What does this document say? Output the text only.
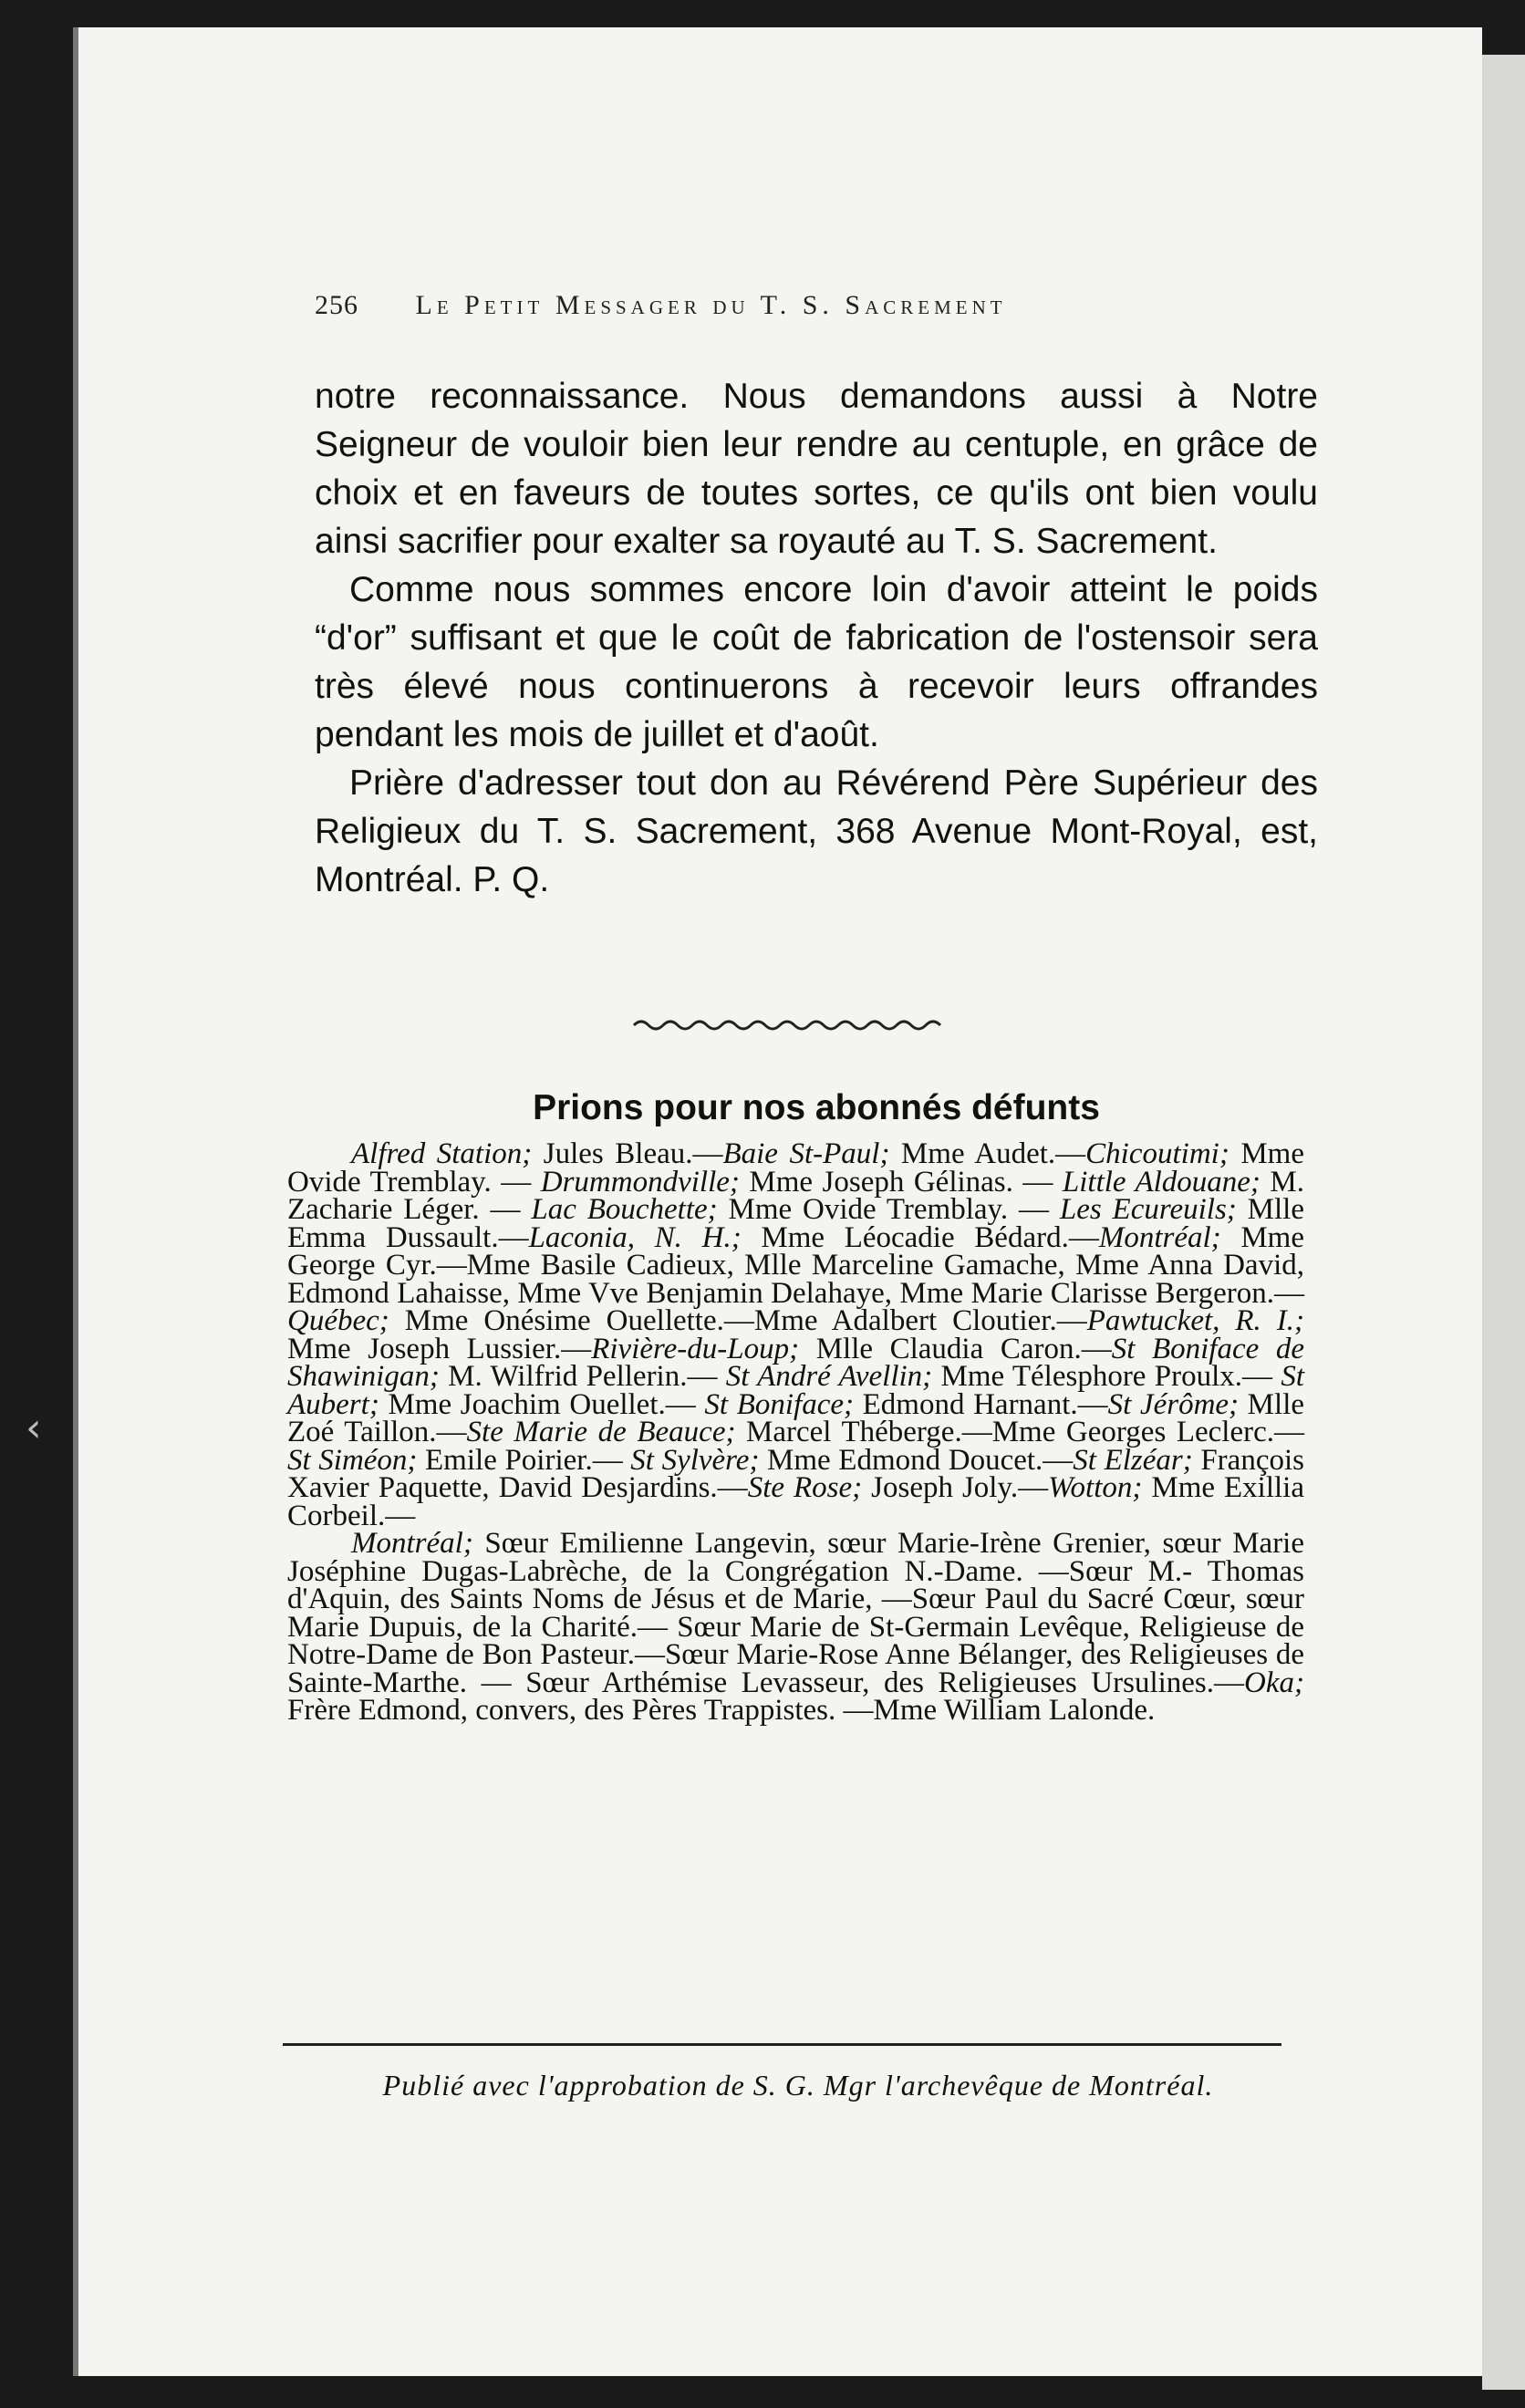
‹
256 Le Petit Messager du T. S. Sacrement

notre reconnaissance. Nous demandons aussi à Notre Seigneur de vouloir bien leur rendre au centuple, en grâce de choix et en faveurs de toutes sortes, ce qu'ils ont bien voulu ainsi sacrifier pour exalter sa royauté au T. S. Sacrement.

Comme nous sommes encore loin d'avoir atteint le poids “d'or” suffisant et que le coût de fabrication de l'ostensoir sera très élevé nous continuerons à recevoir leurs offrandes pendant les mois de juillet et d'août.

Prière d'adresser tout don au Révérend Père Supérieur des Religieux du T. S. Sacrement, 368 Avenue Mont-Royal, est, Montréal. P. Q.

Prions pour nos abonnés défunts

Alfred Station; Jules Bleau.—Baie St-Paul; Mme Audet.—Chicoutimi; Mme Ovide Tremblay. — Drummondville; Mme Joseph Gélinas. — Little Aldouane; M. Zacharie Léger. — Lac Bouchette; Mme Ovide Tremblay. — Les Ecureuils; Mlle Emma Dussault.—Laconia, N. H.; Mme Léocadie Bédard.—Montréal; Mme George Cyr.—Mme Basile Cadieux, Mlle Marceline Gamache, Mme Anna David, Edmond Lahaisse, Mme Vve Benjamin Delahaye, Mme Marie Clarisse Bergeron.—Québec; Mme Onésime Ouellette.—Mme Adalbert Cloutier.—Pawtucket, R. I.; Mme Joseph Lussier.—Rivière-du-Loup; Mlle Claudia Caron.—St Boniface de Shawinigan; M. Wilfrid Pellerin.— St André Avellin; Mme Télesphore Proulx.— St Aubert; Mme Joachim Ouellet.— St Boniface; Edmond Harnant.—St Jérôme; Mlle Zoé Taillon.—Ste Marie de Beauce; Marcel Théberge.—Mme Georges Leclerc.— St Siméon; Emile Poirier.— St Sylvère; Mme Edmond Doucet.—St Elzéar; François Xavier Paquette, David Desjardins.—Ste Rose; Joseph Joly.—Wotton; Mme Exillia Corbeil.—

Montréal; Sœur Emilienne Langevin, sœur Marie-Irène Grenier, sœur Marie Joséphine Dugas-Labrèche, de la Congrégation N.-Dame. —Sœur M.- Thomas d'Aquin, des Saints Noms de Jésus et de Marie, —Sœur Paul du Sacré Cœur, sœur Marie Dupuis, de la Charité.— Sœur Marie de St-Germain Levêque, Religieuse de Notre-Dame de Bon Pasteur.—Sœur Marie-Rose Anne Bélanger, des Religieuses de Sainte-Marthe. — Sœur Arthémise Levasseur, des Religieuses Ursulines.—Oka; Frère Edmond, convers, des Pères Trappistes. —Mme William Lalonde.

Publié avec l'approbation de S. G. Mgr l'archevêque de Montréal.
